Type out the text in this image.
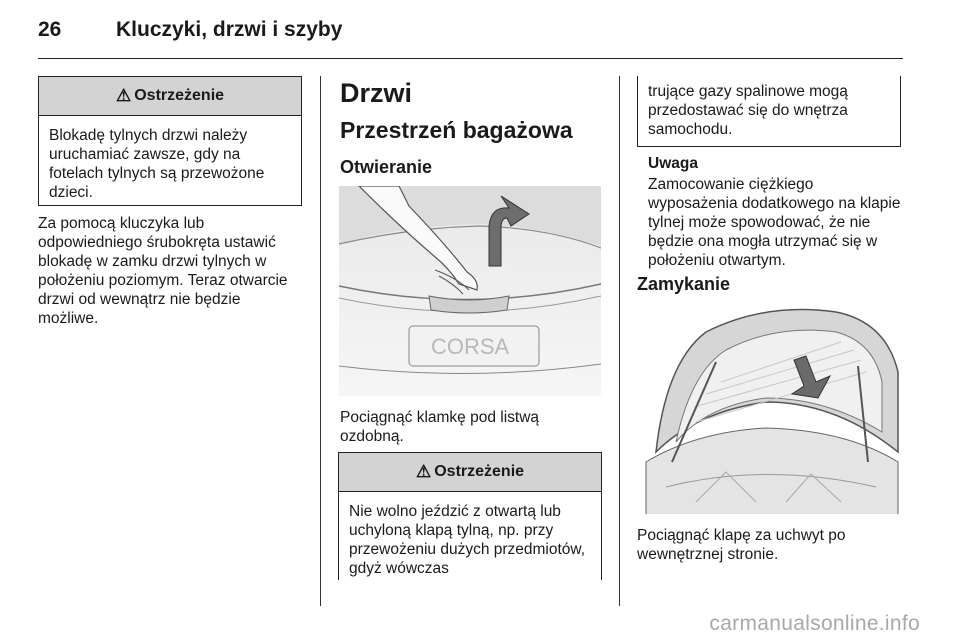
26	Kluczyki, drzwi i szyby
⚠ Ostrzeżenie
Blokadę tylnych drzwi należy uruchamiać zawsze, gdy na fotelach tylnych są przewożone dzieci.
Za pomocą kluczyka lub odpowiedniego śrubokręta ustawić blokadę w zamku drzwi tylnych w położeniu poziomym. Teraz otwarcie drzwi od wewnątrz nie będzie możliwe.
Drzwi
Przestrzeń bagażowa
Otwieranie
CORSA
Pociągnąć klamkę pod listwą ozdobną.
⚠ Ostrzeżenie
Nie wolno jeździć z otwartą lub uchyloną klapą tylną, np. przy przewożeniu dużych przedmiotów, gdyż wówczas
trujące gazy spalinowe mogą przedostawać się do wnętrza samochodu.
Uwaga
Zamocowanie ciężkiego wyposażenia dodatkowego na klapie tylnej może spowodować, że nie będzie ona mogła utrzymać się w położeniu otwartym.
Zamykanie
Pociągnąć klapę za uchwyt po wewnętrznej stronie.
carmanualsonline.info
